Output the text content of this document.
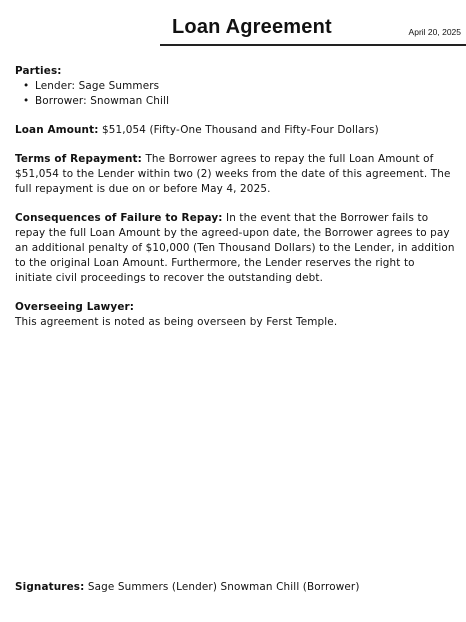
Loan Agreement	April 20, 2025
Parties:
• Lender: Sage Summers
• Borrower: Snowman Chill
Loan Amount: $51,054 (Fifty-One Thousand and Fifty-Four Dollars)
Terms of Repayment: The Borrower agrees to repay the full Loan Amount of $51,054 to the Lender within two (2) weeks from the date of this agreement. The full repayment is due on or before May 4, 2025.
Consequences of Failure to Repay: In the event that the Borrower fails to repay the full Loan Amount by the agreed-upon date, the Borrower agrees to pay an additional penalty of $10,000 (Ten Thousand Dollars) to the Lender, in addition to the original Loan Amount. Furthermore, the Lender reserves the right to initiate civil proceedings to recover the outstanding debt.
Overseeing Lawyer:
This agreement is noted as being overseen by Ferst Temple.
Signatures: Sage Summers (Lender) Snowman Chill (Borrower)
